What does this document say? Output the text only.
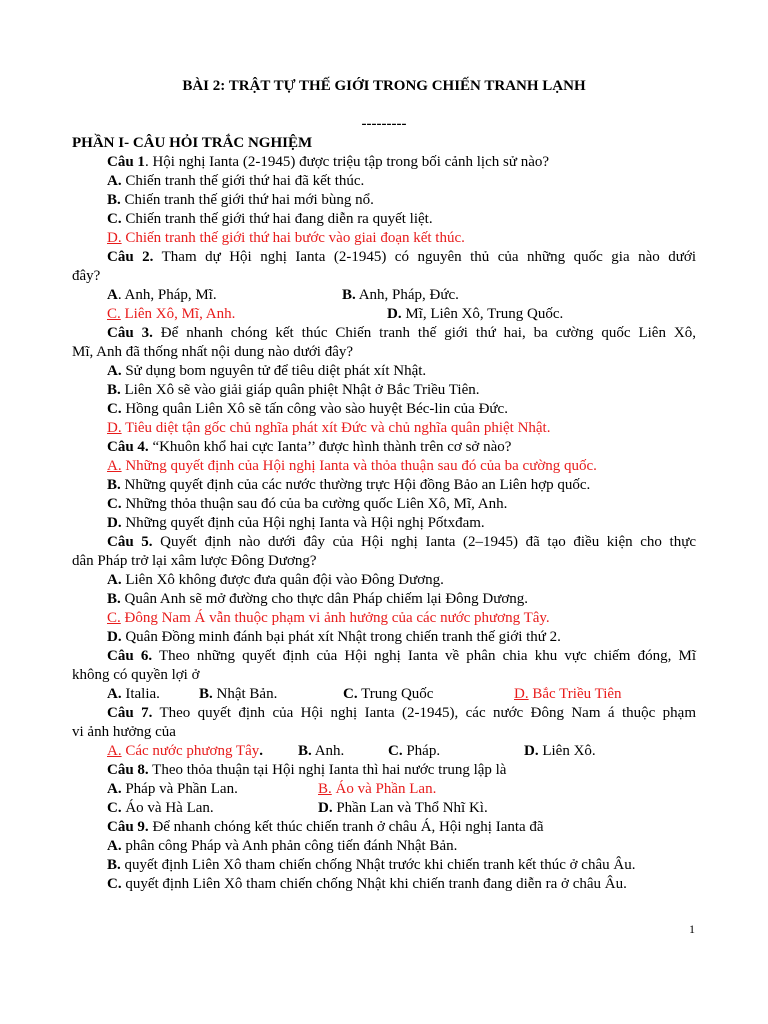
BÀI 2: TRẬT TỰ THẾ GIỚI TRONG CHIẾN TRANH LẠNH
---------
PHẦN I- CÂU HỎI TRẮC NGHIỆM
Câu 1. Hội nghị Ianta (2-1945) được triệu tập trong bối cảnh lịch sử nào?
A. Chiến tranh thế giới thứ hai đã kết thúc.
B. Chiến tranh thế giới thứ hai mới bùng nổ.
C. Chiến tranh thế giới thứ hai đang diễn ra quyết liệt.
D. Chiến tranh thế giới thứ hai bước vào giai đoạn kết thúc.
Câu 2. Tham dự Hội nghị Ianta (2-1945) có nguyên thủ của những quốc gia nào dưới
đây?
A. Anh, Pháp, Mĩ.	B. Anh, Pháp, Đức.
C. Liên Xô, Mĩ, Anh.	D. Mĩ, Liên Xô, Trung Quốc.
Câu 3. Để nhanh chóng kết thúc Chiến tranh thế giới thứ hai, ba cường quốc Liên Xô,
Mĩ, Anh đã thống nhất nội dung nào dưới đây?
A. Sử dụng bom nguyên tử để tiêu diệt phát xít Nhật.
B. Liên Xô sẽ vào giải giáp quân phiệt Nhật ở Bắc Triều Tiên.
C. Hồng quân Liên Xô sẽ tấn công vào sào huyệt Béc-lin của Đức.
D. Tiêu diệt tận gốc chủ nghĩa phát xít Đức và chủ nghĩa quân phiệt Nhật.
Câu 4. “Khuôn khổ hai cực Ianta’’ được hình thành trên cơ sở nào?
A. Những quyết định của Hội nghị Ianta và thỏa thuận sau đó của ba cường quốc.
B. Những quyết định của các nước thường trực Hội đồng Bảo an Liên hợp quốc.
C. Những thỏa thuận sau đó của ba cường quốc Liên Xô, Mĩ, Anh.
D. Những quyết định của Hội nghị Ianta và Hội nghị Pốtxđam.
Câu 5. Quyết định nào dưới đây của Hội nghị Ianta (2–1945) đã tạo điều kiện cho thực
dân Pháp trở lại xâm lược Đông Dương?
A. Liên Xô không được đưa quân đội vào Đông Dương.
B. Quân Anh sẽ mở đường cho thực dân Pháp chiếm lại Đông Dương.
C. Đông Nam Á vẫn thuộc phạm vi ảnh hưởng của các nước phương Tây.
D. Quân Đồng minh đánh bại phát xít Nhật trong chiến tranh thế giới thứ 2.
Câu 6. Theo những quyết định của Hội nghị Ianta về phân chia khu vực chiếm đóng, Mĩ
không có quyền lợi ở
A. Italia.	B. Nhật Bản.	C. Trung Quốc	D. Bắc Triều Tiên
Câu 7. Theo quyết định của Hội nghị Ianta (2-1945), các nước Đông Nam á thuộc phạm
vi ảnh hưởng của
A. Các nước phương Tây. B. Anh.	C. Pháp.	D. Liên Xô.
Câu 8. Theo thỏa thuận tại Hội nghị Ianta thì hai nước trung lập là
A. Pháp và Phần Lan.	B. Áo và Phần Lan.
C. Áo và Hà Lan.	D. Phần Lan và Thổ Nhĩ Kì.
Câu 9. Để nhanh chóng kết thúc chiến tranh ở châu Á, Hội nghị Ianta đã
A. phân công Pháp và Anh phản công tiến đánh Nhật Bản.
B. quyết định Liên Xô tham chiến chống Nhật trước khi chiến tranh kết thúc ở châu Âu.
C. quyết định Liên Xô tham chiến chống Nhật khi chiến tranh đang diễn ra ở châu Âu.
1
